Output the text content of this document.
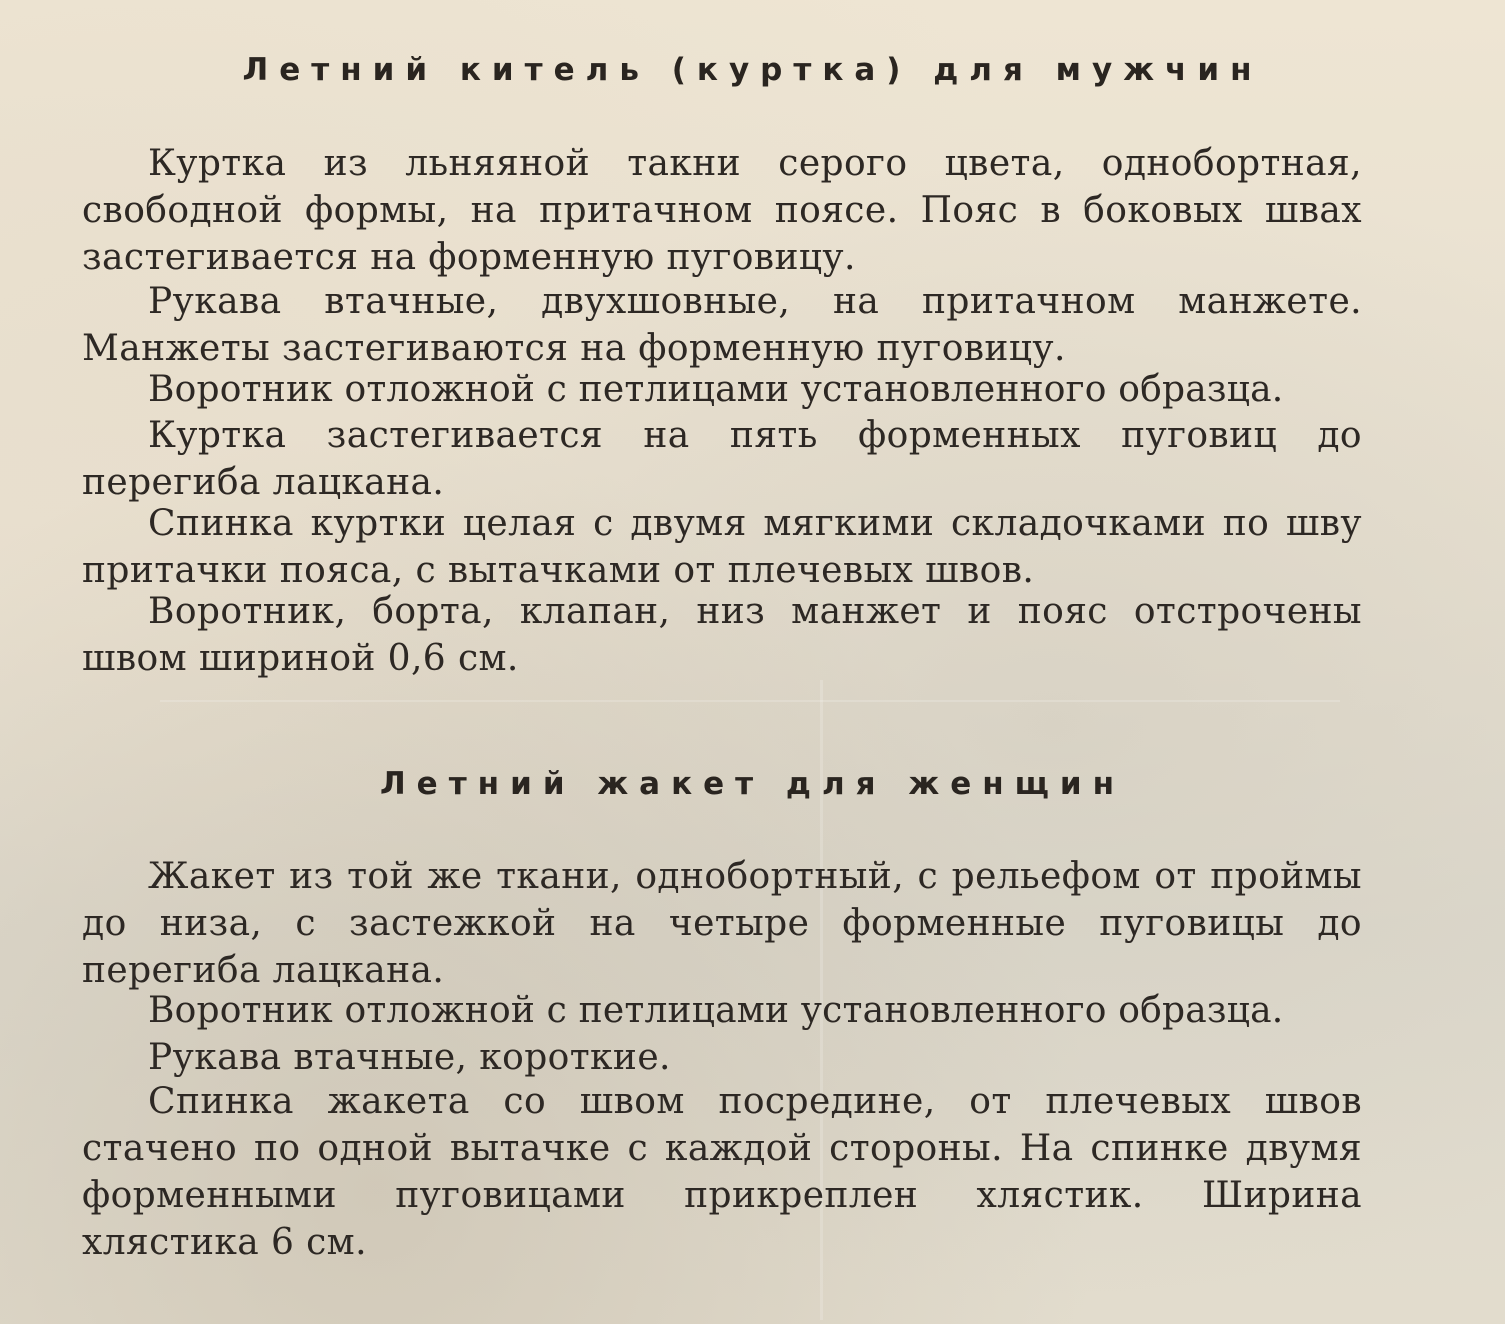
Летний китель (куртка) для мужчин

Куртка из льняяной такни серого цвета, однобортная, свободной формы, на притачном поясе. Пояс в боковых швах застегивается на форменную пуговицу.

Рукава втачные, двухшовные, на притачном манжете. Манжеты застегиваются на форменную пуговицу.

Воротник отложной с петлицами установленного образца.

Куртка застегивается на пять форменных пуговиц до перегиба лацкана.

Спинка куртки целая с двумя мягкими складочками по шву притачки пояса, с вытачками от плечевых швов.

Воротник, борта, клапан, низ манжет и пояс отстрочены швом шириной 0,6 см.

Летний жакет для женщин

Жакет из той же ткани, однобортный, с рельефом от проймы до низа, с застежкой на четыре форменные пуговицы до перегиба лацкана.

Воротник отложной с петлицами установленного образца.

Рукава втачные, короткие.

Спинка жакета со швом посредине, от плечевых швов стачено по одной вытачке с каждой стороны. На спинке двумя форменными пуговицами прикреплен хлястик. Ширина хлястика 6 см.
